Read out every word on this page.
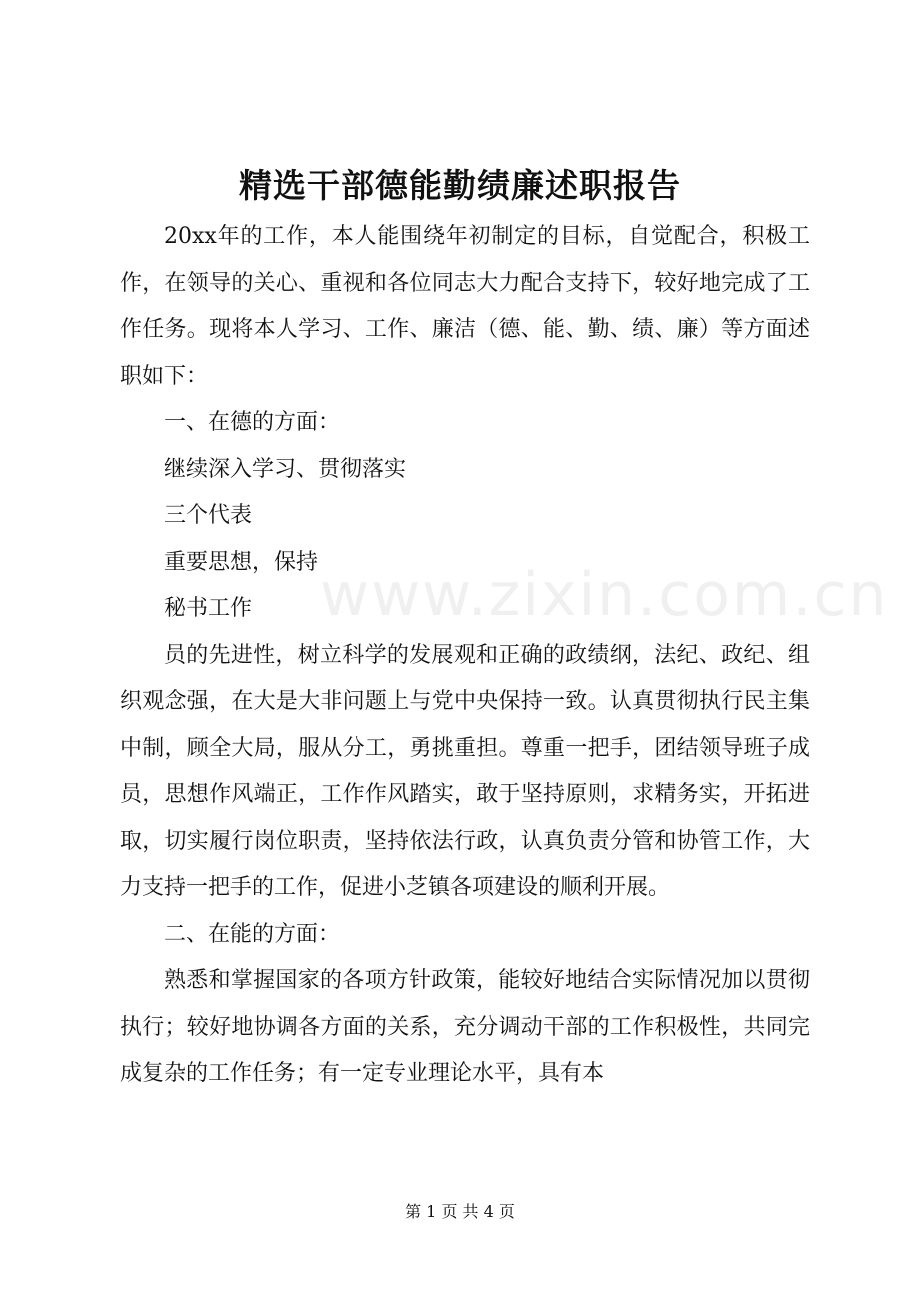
www.zixin.com.cn
精选干部德能勤绩廉述职报告

20xx年的工作，本人能围绕年初制定的目标，自觉配合，积极工作，在领导的关心、重视和各位同志大力配合支持下，较好地完成了工作任务。现将本人学习、工作、廉洁（德、能、勤、绩、廉）等方面述职如下：

一、在德的方面：

继续深入学习、贯彻落实

三个代表

重要思想，保持

秘书工作

员的先进性，树立科学的发展观和正确的政绩纲，法纪、政纪、组织观念强，在大是大非问题上与党中央保持一致。认真贯彻执行民主集中制，顾全大局，服从分工，勇挑重担。尊重一把手，团结领导班子成员，思想作风端正，工作作风踏实，敢于坚持原则，求精务实，开拓进取，切实履行岗位职责，坚持依法行政，认真负责分管和协管工作，大力支持一把手的工作，促进小芝镇各项建设的顺利开展。

二、在能的方面：

熟悉和掌握国家的各项方针政策，能较好地结合实际情况加以贯彻执行；较好地协调各方面的关系，充分调动干部的工作积极性，共同完成复杂的工作任务；有一定专业理论水平，具有本

第 1 页 共 4 页
